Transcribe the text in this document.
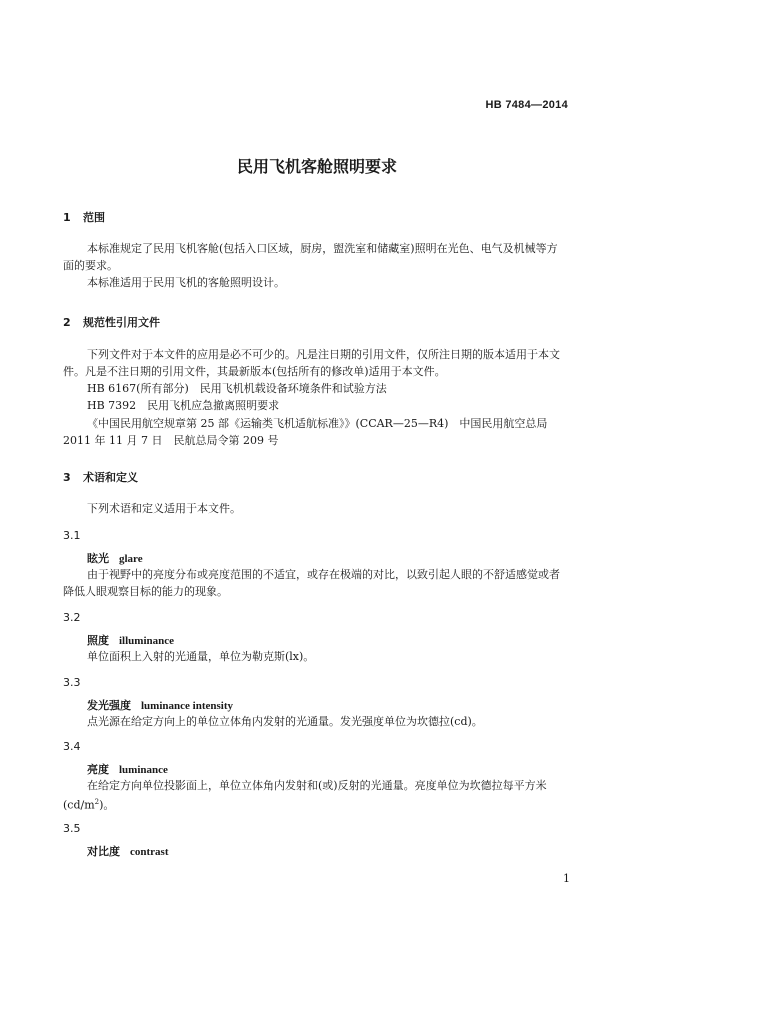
HB 7484—2014
民用飞机客舱照明要求
1 范围
本标准规定了民用飞机客舱(包括入口区域，厨房，盥洗室和储藏室)照明在光色、电气及机械等方
面的要求。
本标准适用于民用飞机的客舱照明设计。
2 规范性引用文件
下列文件对于本文件的应用是必不可少的。凡是注日期的引用文件，仅所注日期的版本适用于本文
件。凡是不注日期的引用文件，其最新版本(包括所有的修改单)适用于本文件。
HB 6167(所有部分)　民用飞机机载设备环境条件和试验方法
HB 7392　民用飞机应急撤离照明要求
《中国民用航空规章第 25 部《运输类飞机适航标准》》(CCAR—25—R4)　中国民用航空总局
2011 年 11 月 7 日　民航总局令第 209 号
3 术语和定义
下列术语和定义适用于本文件。
3.1
眩光 glare
由于视野中的亮度分布或亮度范围的不适宜，或存在极端的对比，以致引起人眼的不舒适感觉或者
降低人眼观察目标的能力的现象。
3.2
照度 illuminance
单位面积上入射的光通量，单位为勒克斯(lx)。
3.3
发光强度 luminance intensity
点光源在给定方向上的单位立体角内发射的光通量。发光强度单位为坎德拉(cd)。
3.4
亮度 luminance
在给定方向单位投影面上，单位立体角内发射和(或)反射的光通量。亮度单位为坎德拉每平方米
$(cd/m^2)$。
3.5
对比度 contrast
1
